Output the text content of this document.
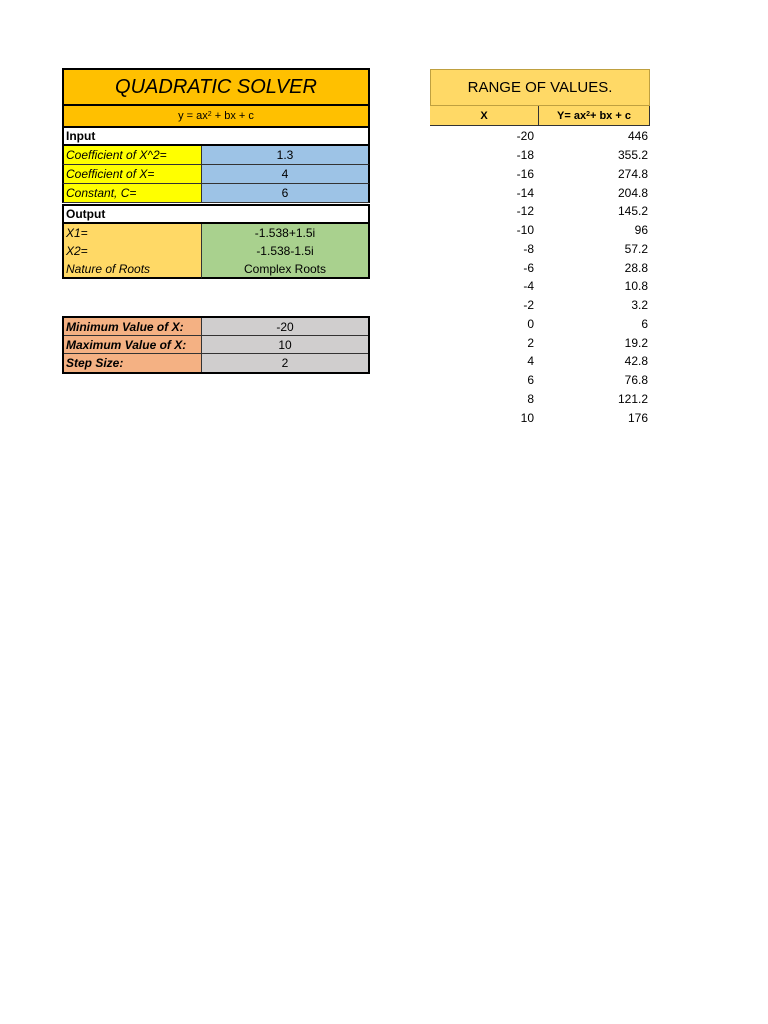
QUADRATIC SOLVER
$y = ax^2$
+ bx + c
Input
Coefficient of X^2=	1.3
Coefficient of X=	4
Constant, C=	6
Output
X1=	-1.538+1.5i
X2=	-1.538-1.5i
Nature of Roots	Complex Roots
Minimum Value of X:	-20
Maximum Value of X:	10
Step Size:	2
RANGE OF VALUES.
X	$Y= ax^2$ + bx + c
-20	446
-18	355.2
-16	274.8
-14	204.8
-12	145.2
-10	96
-8	57.2
-6	28.8
-4	10.8
-2	3.2
0	6
2	19.2
4	42.8
6	76.8
8	121.2
10	176
